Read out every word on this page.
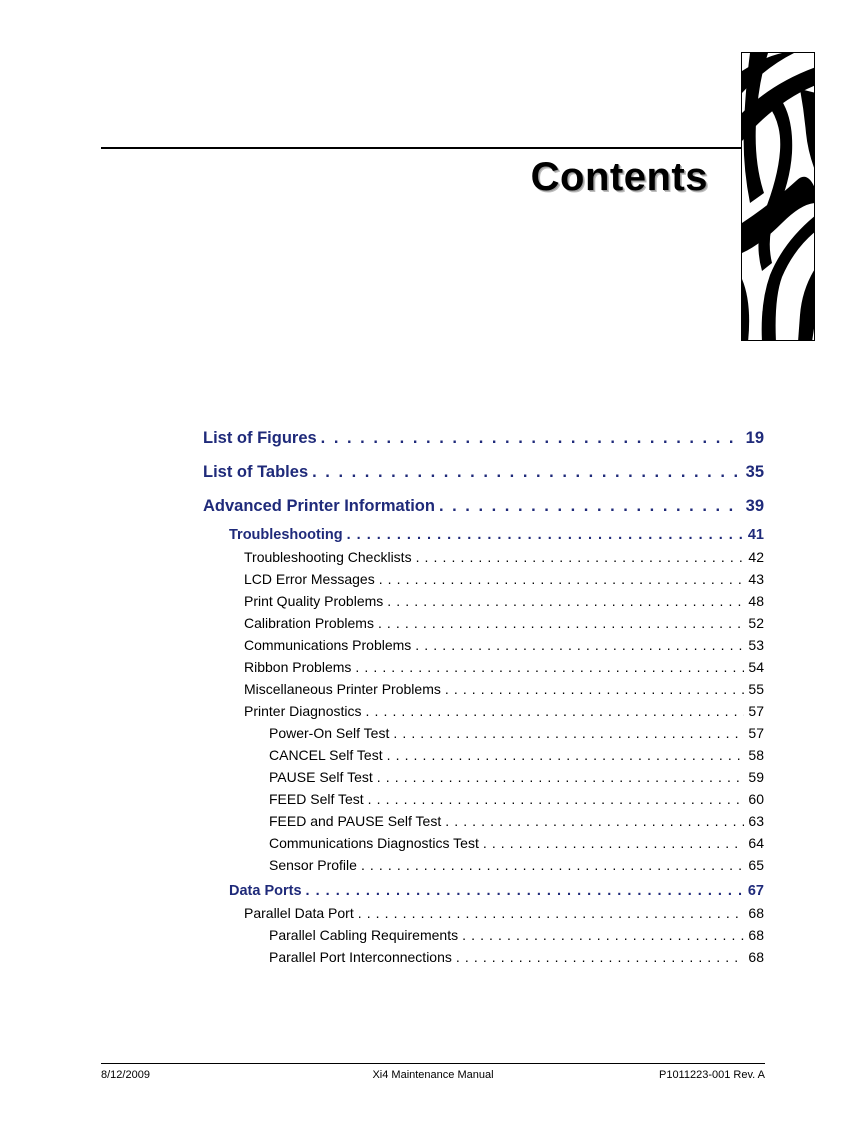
Contents
List of Figures . . .	19
List of Tables . . .	35
Advanced Printer Information . . .	39
Troubleshooting . . .	41
Troubleshooting Checklists . . .	42
LCD Error Messages . . .	43
Print Quality Problems . . .	48
Calibration Problems . . .	52
Communications Problems . . .	53
Ribbon Problems . . .	54
Miscellaneous Printer Problems . . .	55
Printer Diagnostics . . .	57
Power-On Self Test . . .	57
CANCEL Self Test . . .	58
PAUSE Self Test . . .	59
FEED Self Test . . .	60
FEED and PAUSE Self Test . . .	63
Communications Diagnostics Test . . .	64
Sensor Profile . . .	65
Data Ports . . .	67
Parallel Data Port . . .	68
Parallel Cabling Requirements . . .	68
Parallel Port Interconnections . . .	68
8/12/2009	Xi4 Maintenance Manual	P1011223-001 Rev. A
